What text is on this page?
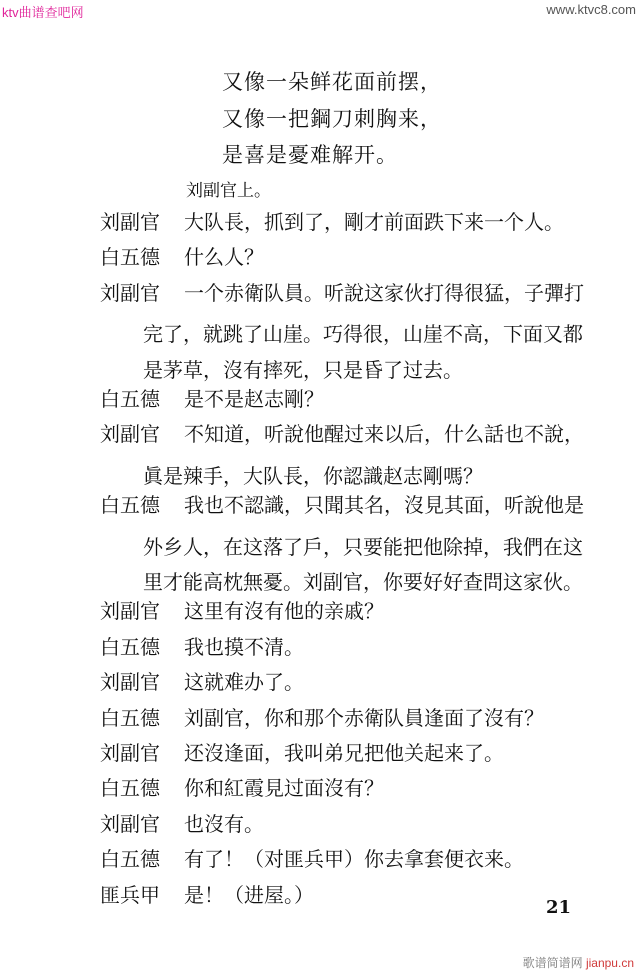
ktv曲谱查吧网	www.ktvc8.com
又像一朵鲜花面前摆，
又像一把鋼刀刺胸来，
是喜是憂难解开。
刘副官上。
刘副官 大队長，抓到了，剛才前面跌下来一个人。
白五德 什么人？
刘副官 一个赤衛队員。听說这家伙打得很猛，子彈打
完了，就跳了山崖。巧得很，山崖不高，下面又都
是茅草，沒有摔死，只是昏了过去。
白五德 是不是赵志剛？
刘副官 不知道，听說他醒过来以后，什么話也不說，
眞是辣手，大队長，你認識赵志剛嗎？
白五德 我也不認識，只聞其名，沒見其面，听說他是
外乡人，在这落了戶，只要能把他除掉，我們在这
里才能高枕無憂。刘副官，你要好好查問这家伙。
刘副官 这里有沒有他的亲戚？
白五德 我也摸不清。
刘副官 这就难办了。
白五德 刘副官，你和那个赤衛队員逢面了沒有？
刘副官 还沒逢面，我叫弟兄把他关起来了。
白五德 你和紅霞見过面沒有？
刘副官 也沒有。
白五德 有了！（对匪兵甲）你去拿套便衣来。
匪兵甲 是！（进屋。）
21
歌谱简谱网 jianpu.cn
